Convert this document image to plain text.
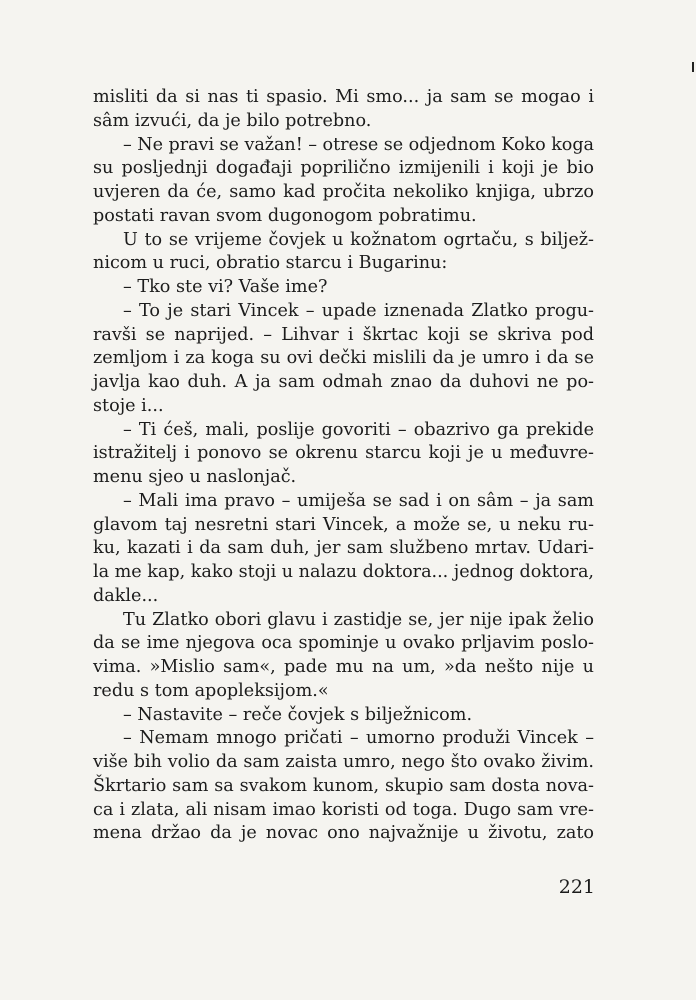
misliti da si nas ti spasio. Mi smo... ja sam se mogao i
sâm izvući, da je bilo potrebno.
– Ne pravi se važan! – otrese se odjednom Koko koga
su posljednji događaji poprilično izmijenili i koji je bio
uvjeren da će, samo kad pročita nekoliko knjiga, ubrzo
postati ravan svom dugonogom pobratimu.
U to se vrijeme čovjek u kožnatom ogrtaču, s biljež-
nicom u ruci, obratio starcu i Bugarinu:
– Tko ste vi? Vaše ime?
– To je stari Vincek – upade iznenada Zlatko progu-
ravši se naprijed. – Lihvar i škrtac koji se skriva pod
zemljom i za koga su ovi dečki mislili da je umro i da se
javlja kao duh. A ja sam odmah znao da duhovi ne po-
stoje i...
– Ti ćeš, mali, poslije govoriti – obazrivo ga prekide
istražitelj i ponovo se okrenu starcu koji je u međuvre-
menu sjeo u naslonjač.
– Mali ima pravo – umiješa se sad i on sâm – ja sam
glavom taj nesretni stari Vincek, a može se, u neku ru-
ku, kazati i da sam duh, jer sam službeno mrtav. Udari-
la me kap, kako stoji u nalazu doktora... jednog doktora,
dakle...
Tu Zlatko obori glavu i zastidje se, jer nije ipak želio
da se ime njegova oca spominje u ovako prljavim poslo-
vima. »Mislio sam«, pade mu na um, »da nešto nije u
redu s tom apopleksijom.«
– Nastavite – reče čovjek s bilježnicom.
– Nemam mnogo pričati – umorno produži Vincek –
više bih volio da sam zaista umro, nego što ovako živim.
Škrtario sam sa svakom kunom, skupio sam dosta nova-
ca i zlata, ali nisam imao koristi od toga. Dugo sam vre-
mena držao da je novac ono najvažnije u životu, zato
221
